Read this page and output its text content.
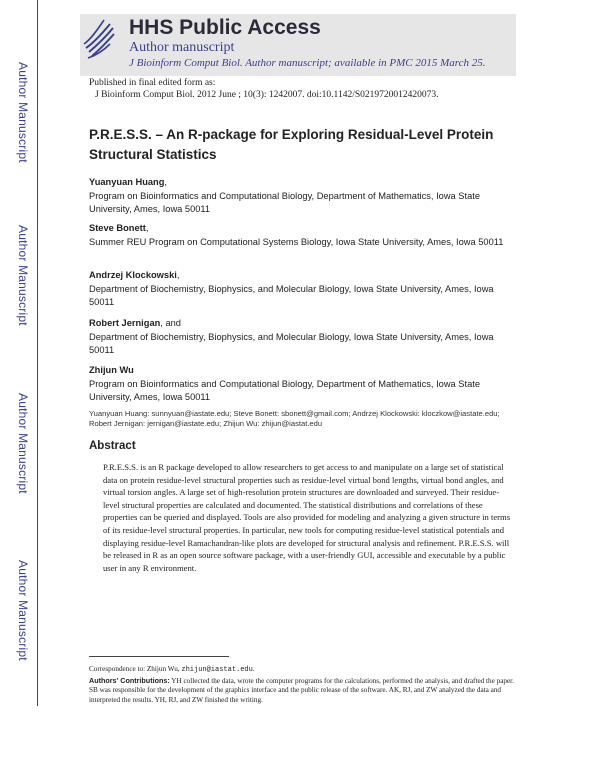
Author Manuscript
Author Manuscript
Author Manuscript
Author Manuscript
HHS Public Access
Author manuscript
J Bioinform Comput Biol. Author manuscript; available in PMC 2015 March 25.
Published in final edited form as:
J Bioinform Comput Biol. 2012 June ; 10(3): 1242007. doi:10.1142/S0219720012420073.
P.R.E.S.S. – An R-package for Exploring Residual-Level Protein Structural Statistics
Yuanyuan Huang,
Program on Bioinformatics and Computational Biology, Department of Mathematics, Iowa State University, Ames, Iowa 50011
Steve Bonett,
Summer REU Program on Computational Systems Biology, Iowa State University, Ames, Iowa 50011
Andrzej Klockowski,
Department of Biochemistry, Biophysics, and Molecular Biology, Iowa State University, Ames, Iowa 50011
Robert Jernigan, and
Department of Biochemistry, Biophysics, and Molecular Biology, Iowa State University, Ames, Iowa 50011
Zhijun Wu
Program on Bioinformatics and Computational Biology, Department of Mathematics, Iowa State University, Ames, Iowa 50011
Yuanyuan Huang: sunnyuan@iastate.edu; Steve Bonett: sbonett@gmail.com; Andrzej Klockowski: kloczkow@iastate.edu; Robert Jernigan: jernigan@iastate.edu; Zhijun Wu: zhijun@iastat.edu
Abstract
P.R.E.S.S. is an R package developed to allow researchers to get access to and manipulate on a large set of statistical data on protein residue-level structural properties such as residue-level virtual bond lengths, virtual bond angles, and virtual torsion angles. A large set of high-resolution protein structures are downloaded and surveyed. Their residue-level structural properties are calculated and documented. The statistical distributions and correlations of these properties can be queried and displayed. Tools are also provided for modeling and analyzing a given structure in terms of its residue-level structural properties. In particular, new tools for computing residue-level statistical potentials and displaying residue-level Ramachandran-like plots are developed for structural analysis and refinement. P.R.E.S.S. will be released in R as an open source software package, with a user-friendly GUI, accessible and executable by a public user in any R environment.
Correspondence to: Zhijun Wu, zhijun@iastat.edu.
Authors' Contributions: YH collected the data, wrote the computer programs for the calculations, performed the analysis, and drafted the paper. SB was responsible for the development of the graphics interface and the public release of the software. AK, RJ, and ZW analyzed the data and interpreted the results. YH, RJ, and ZW finished the writing.
